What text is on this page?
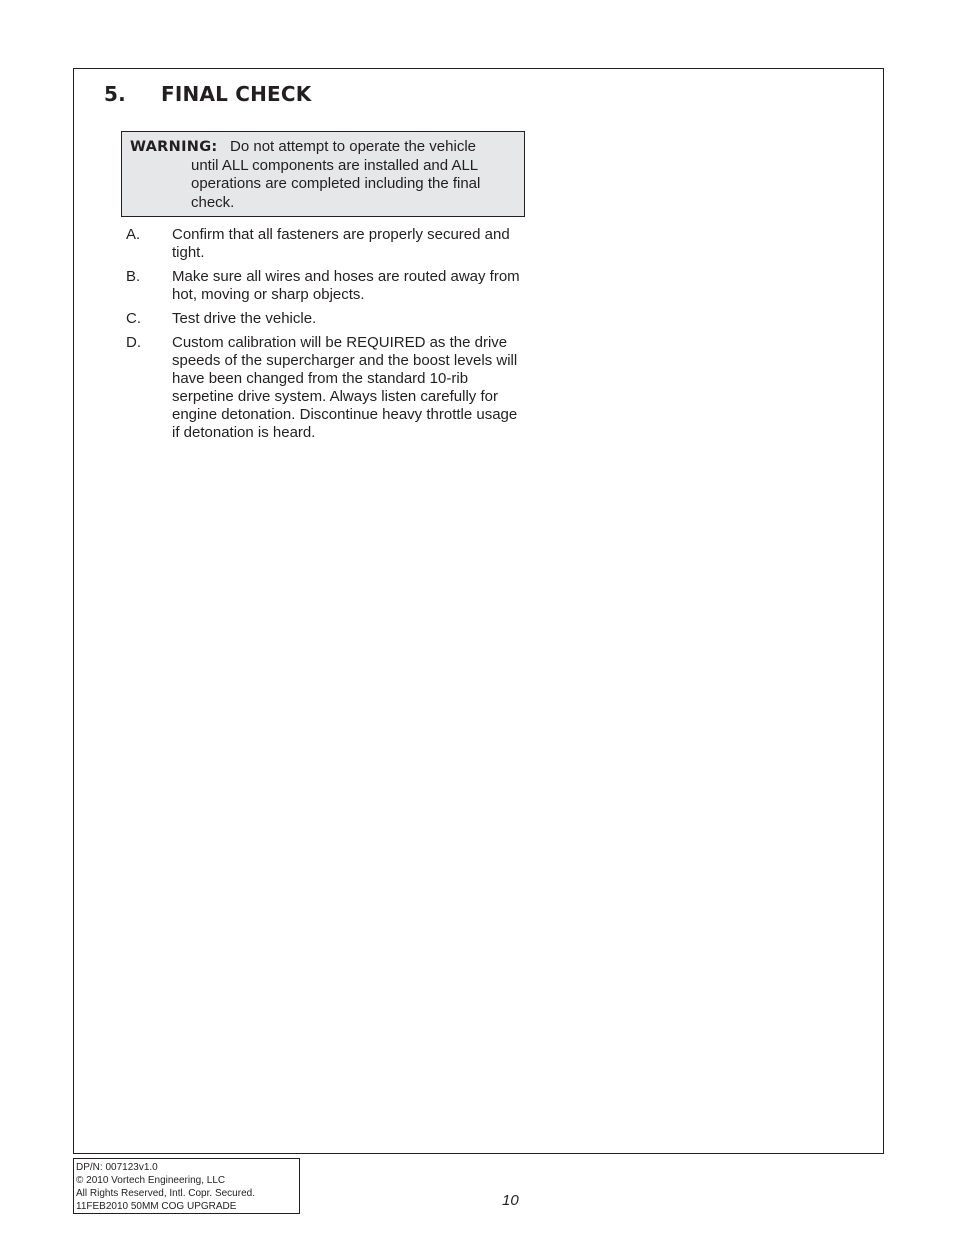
5. FINAL CHECK
WARNING: Do not attempt to operate the vehicle
until ALL components are installed and ALL operations are completed including the final check.
A.	Confirm that all fasteners are properly secured and tight.
B.	Make sure all wires and hoses are routed away from hot, moving or sharp objects.
C.	Test drive the vehicle.
D.	Custom calibration will be REQUIRED as the drive speeds of the supercharger and the boost levels will have been changed from the standard 10-rib serpetine drive system. Always listen carefully for engine detonation. Discontinue heavy throttle usage if detonation is heard.
DP/N: 007123v1.0
© 2010 Vortech Engineering, LLC
All Rights Reserved, Intl. Copr. Secured.
11FEB2010 50MM COG UPGRADE	10
